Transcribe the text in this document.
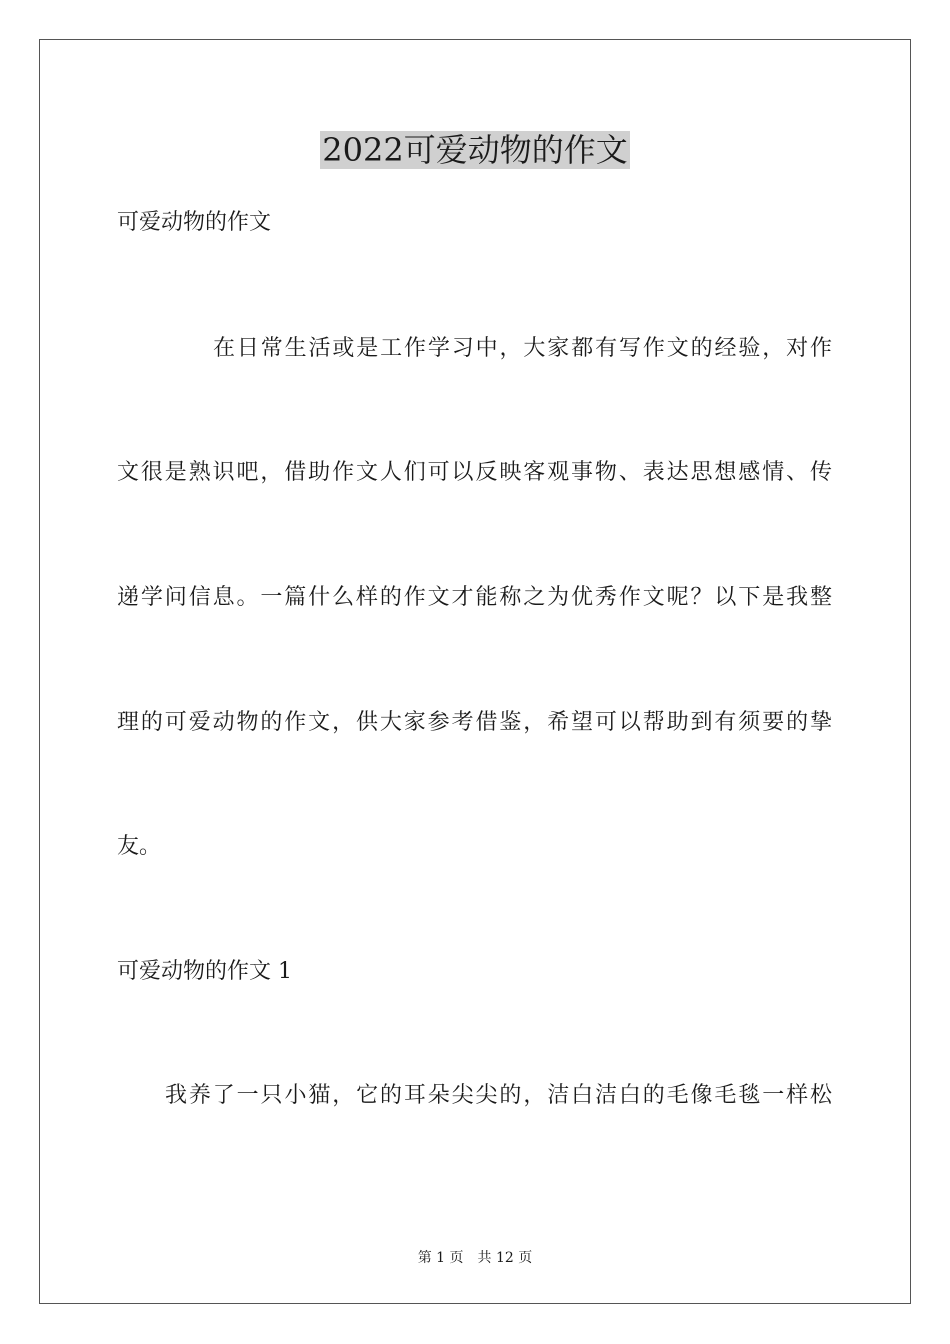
2022可爱动物的作文

可爱动物的作文

在日常生活或是工作学习中，大家都有写作文的经验，对作

文很是熟识吧，借助作文人们可以反映客观事物、表达思想感情、传

递学问信息。一篇什么样的作文才能称之为优秀作文呢？以下是我整

理的可爱动物的作文，供大家参考借鉴，希望可以帮助到有须要的挚

友。

可爱动物的作文 1

我养了一只小猫，它的耳朵尖尖的，洁白洁白的毛像毛毯一样松

第 1 页 共 12 页
